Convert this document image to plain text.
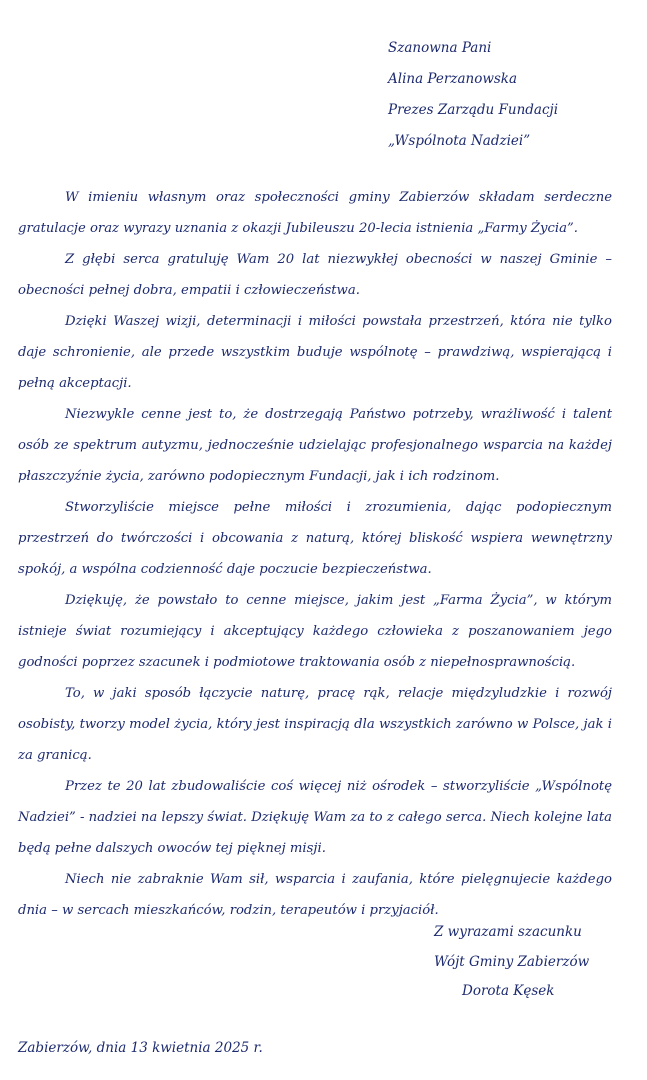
Szanowna Pani
Alina Perzanowska
Prezes Zarządu Fundacji
„Wspólnota Nadziei”

W imieniu własnym oraz społeczności gminy Zabierzów składam serdeczne gratulacje oraz wyrazy uznania z okazji Jubileuszu 20-lecia istnienia „Farmy Życia”.

Z głębi serca gratuluję Wam 20 lat niezwykłej obecności w naszej Gminie – obecności pełnej dobra, empatii i człowieczeństwa.

Dzięki Waszej wizji, determinacji i miłości powstała przestrzeń, która nie tylko daje schronienie, ale przede wszystkim buduje wspólnotę – prawdziwą, wspierającą i pełną akceptacji.

Niezwykle cenne jest to, że dostrzegają Państwo potrzeby, wrażliwość i talent osób ze spektrum autyzmu, jednocześnie udzielając profesjonalnego wsparcia na każdej płaszczyźnie życia, zarówno podopiecznym Fundacji, jak i ich rodzinom.

Stworzyliście miejsce pełne miłości i zrozumienia, dając podopiecznym przestrzeń do twórczości i obcowania z naturą, której bliskość wspiera wewnętrzny spokój, a wspólna codzienność daje poczucie bezpieczeństwa.

Dziękuję, że powstało to cenne miejsce, jakim jest „Farma Życia”, w którym istnieje świat rozumiejący i akceptujący każdego człowieka z poszanowaniem jego godności poprzez szacunek i podmiotowe traktowania osób z niepełnosprawnością.

To, w jaki sposób łączycie naturę, pracę rąk, relacje międzyludzkie i rozwój osobisty, tworzy model życia, który jest inspiracją dla wszystkich zarówno w Polsce, jak i za granicą.

Przez te 20 lat zbudowaliście coś więcej niż ośrodek – stworzyliście „Wspólnotę Nadziei” - nadziei na lepszy świat. Dziękuję Wam za to z całego serca. Niech kolejne lata będą pełne dalszych owoców tej pięknej misji.

Niech nie zabraknie Wam sił, wsparcia i zaufania, które pielęgnujecie każdego dnia – w sercach mieszkańców, rodzin, terapeutów i przyjaciół.

Z wyrazami szacunku
Wójt Gminy Zabierzów
Dorota Kęsek
Zabierzów, dnia 13 kwietnia 2025 r.
